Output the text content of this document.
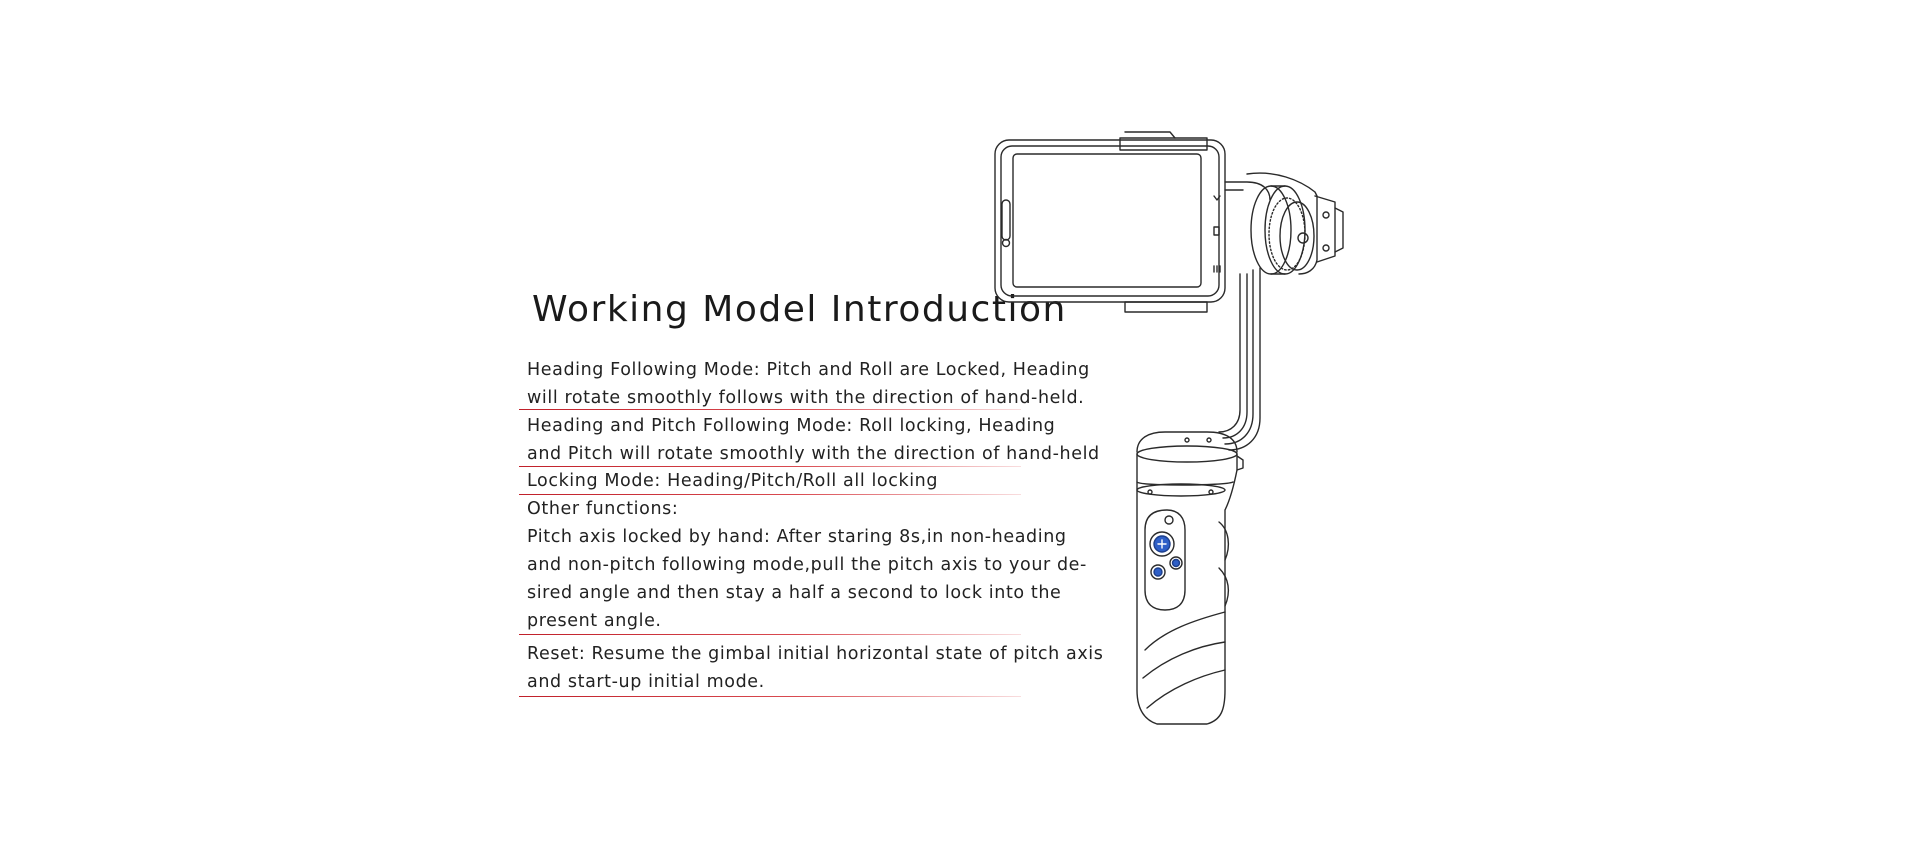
Working Model Introduction

Heading Following Mode: Pitch and Roll are Locked, Heading

will rotate smoothly follows with the direction of hand-held.

Heading and Pitch Following Mode: Roll locking, Heading

and Pitch will rotate smoothly with the direction of hand-held

Locking Mode: Heading/Pitch/Roll all locking

Other functions:

Pitch axis locked by hand: After staring 8s,in non-heading

and non-pitch following mode,pull the pitch axis to your de-

sired angle and then stay a half a second to lock into the

present angle.

Reset: Resume the gimbal initial horizontal state of pitch axis

and start-up initial mode.
